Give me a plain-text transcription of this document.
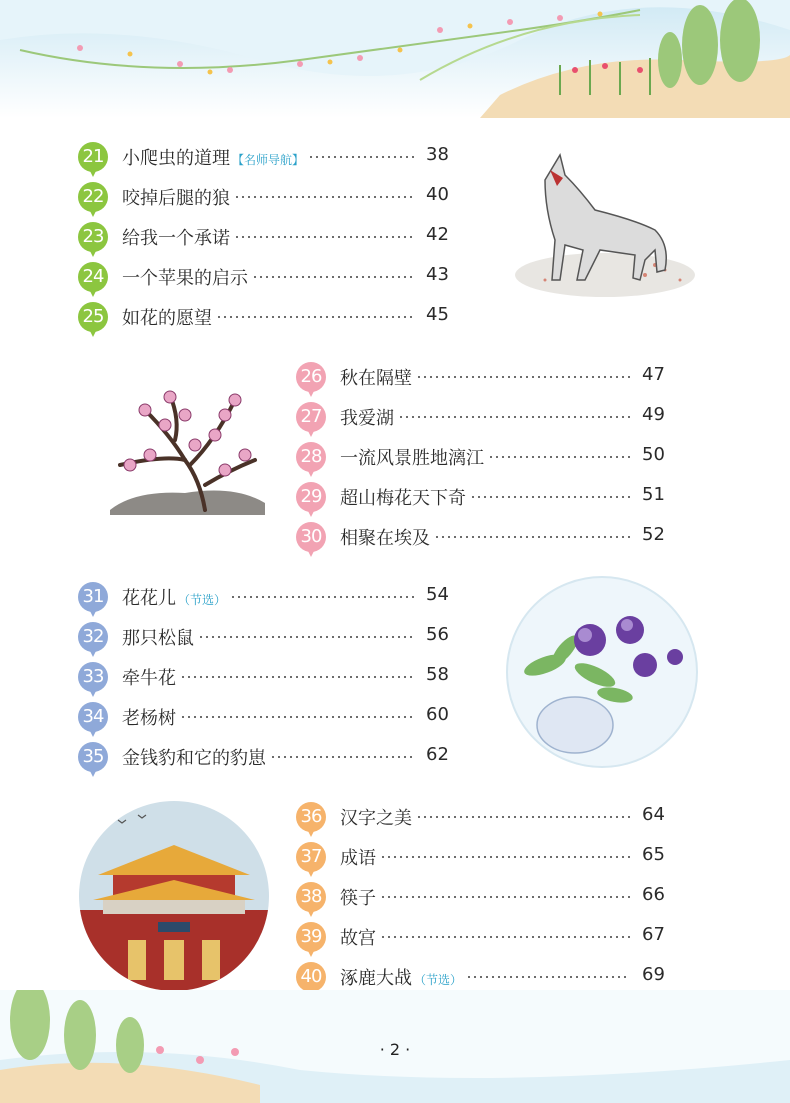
21 小爬虫的道理 【名师导航】	38
22 咬掉后腿的狼	40
23 给我一个承诺	42
24 一个苹果的启示	43
25 如花的愿望	45
26 秋在隔壁	47
27 我爱湖	49
28 一流风景胜地漓江	50
29 超山梅花天下奇	51
30 相聚在埃及	52
31 花花儿 （节选）	54
32 那只松鼠	56
33 牵牛花	58
34 老杨树	60
35 金钱豹和它的豹崽	62
36 汉字之美	64
37 成语	65
38 筷子	66
39 故宫	67
40 涿鹿大战 （节选）	69
· 2 ·
